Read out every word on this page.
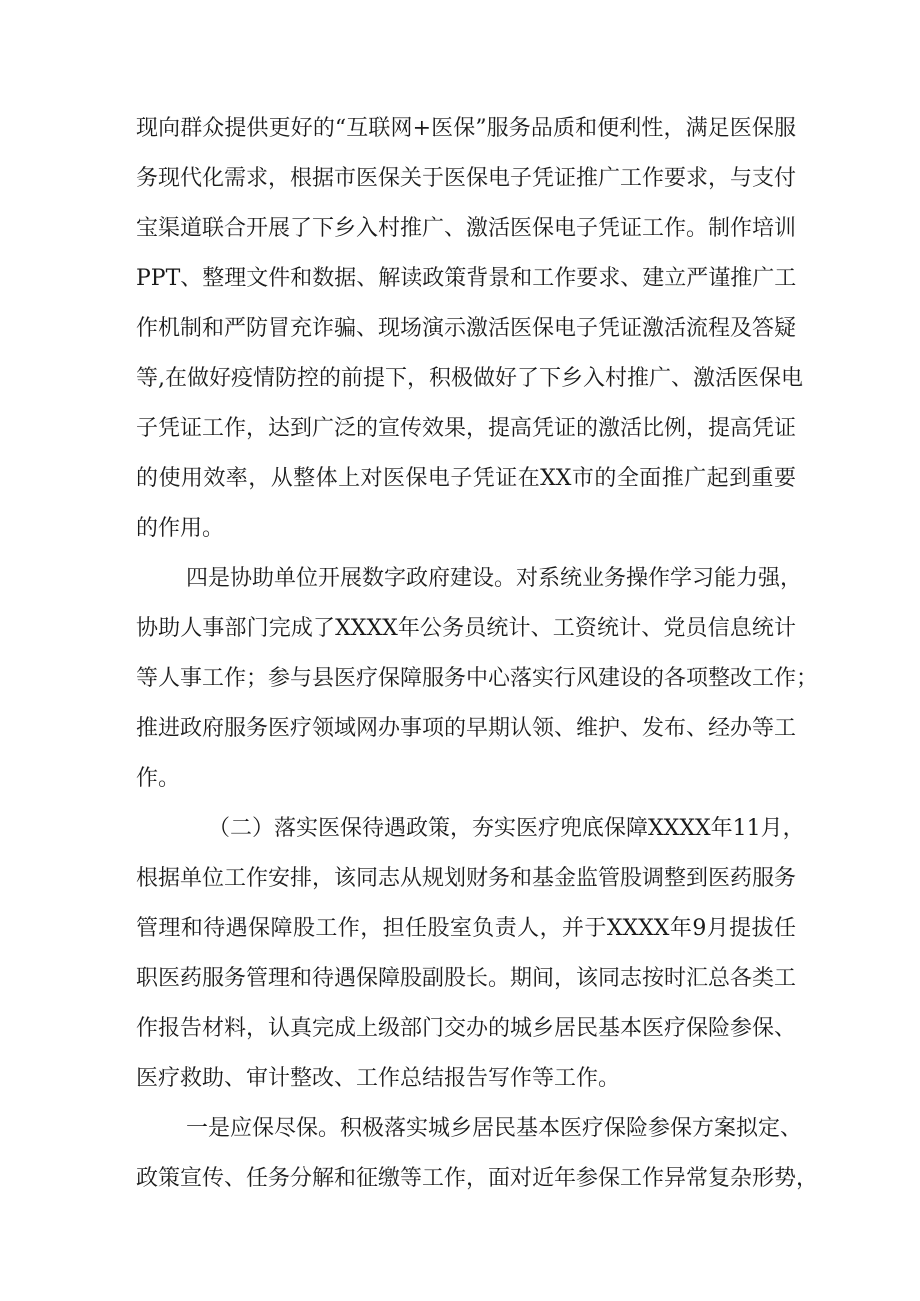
现向群众提供更好的“互联网+医保”服务品质和便利性，满足医保服
务现代化需求，根据市医保关于医保电子凭证推广工作要求，与支付
宝渠道联合开展了下乡入村推广、激活医保电子凭证工作。制作培训
PPT、整理文件和数据、解读政策背景和工作要求、建立严谨推广工
作机制和严防冒充诈骗、现场演示激活医保电子凭证激活流程及答疑
等,在做好疫情防控的前提下，积极做好了下乡入村推广、激活医保电
子凭证工作，达到广泛的宣传效果，提高凭证的激活比例，提高凭证
的使用效率，从整体上对医保电子凭证在XX市的全面推广起到重要
的作用。
四是协助单位开展数字政府建设。对系统业务操作学习能力强，
协助人事部门完成了XXXX年公务员统计、工资统计、党员信息统计
等人事工作；参与县医疗保障服务中心落实行风建设的各项整改工作；
推进政府服务医疗领域网办事项的早期认领、维护、发布、经办等工
作。
（二）落实医保待遇政策，夯实医疗兜底保障XXXX年11月，
根据单位工作安排，该同志从规划财务和基金监管股调整到医药服务
管理和待遇保障股工作，担任股室负责人，并于XXXX年9月提拔任
职医药服务管理和待遇保障股副股长。期间，该同志按时汇总各类工
作报告材料，认真完成上级部门交办的城乡居民基本医疗保险参保、
医疗救助、审计整改、工作总结报告写作等工作。
一是应保尽保。积极落实城乡居民基本医疗保险参保方案拟定、
政策宣传、任务分解和征缴等工作，面对近年参保工作异常复杂形势，
